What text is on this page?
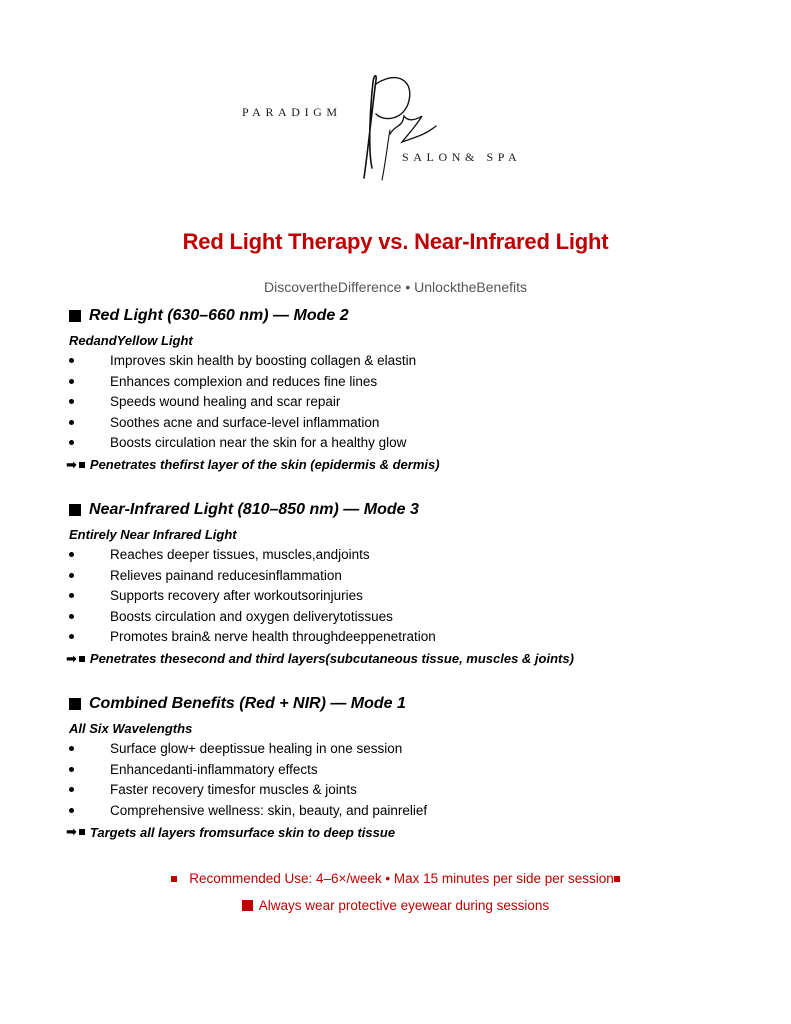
PARADIGM
SALON& SPA
Red Light Therapy vs. Near-Infrared Light
DiscovertheDifference • UnlocktheBenefits
Red Light (630–660 nm) — Mode 2
RedandYellow Light
Improves skin health by boosting collagen & elastin
Enhances complexion and reduces fine lines
Speeds wound healing and scar repair
Soothes acne and surface-level inflammation
Boosts circulation near the skin for a healthy glow
➡ Penetrates thefirst layer of the skin (epidermis & dermis)
Near-Infrared Light (810–850 nm) — Mode 3
Entirely Near Infrared Light
Reaches deeper tissues, muscles,andjoints
Relieves painand reducesinflammation
Supports recovery after workoutsorinjuries
Boosts circulation and oxygen deliverytotissues
Promotes brain& nerve health throughdeeppenetration
➡ Penetrates thesecond and third layers(subcutaneous tissue, muscles & joints)
Combined Benefits (Red + NIR) — Mode 1
All Six Wavelengths
Surface glow+ deeptissue healing in one session
Enhancedanti-inflammatory effects
Faster recovery timesfor muscles & joints
Comprehensive wellness: skin, beauty, and painrelief
➡ Targets all layers fromsurface skin to deep tissue
Recommended Use: 4–6×/week • Max 15 minutes per side per session
Always wear protective eyewear during sessions
